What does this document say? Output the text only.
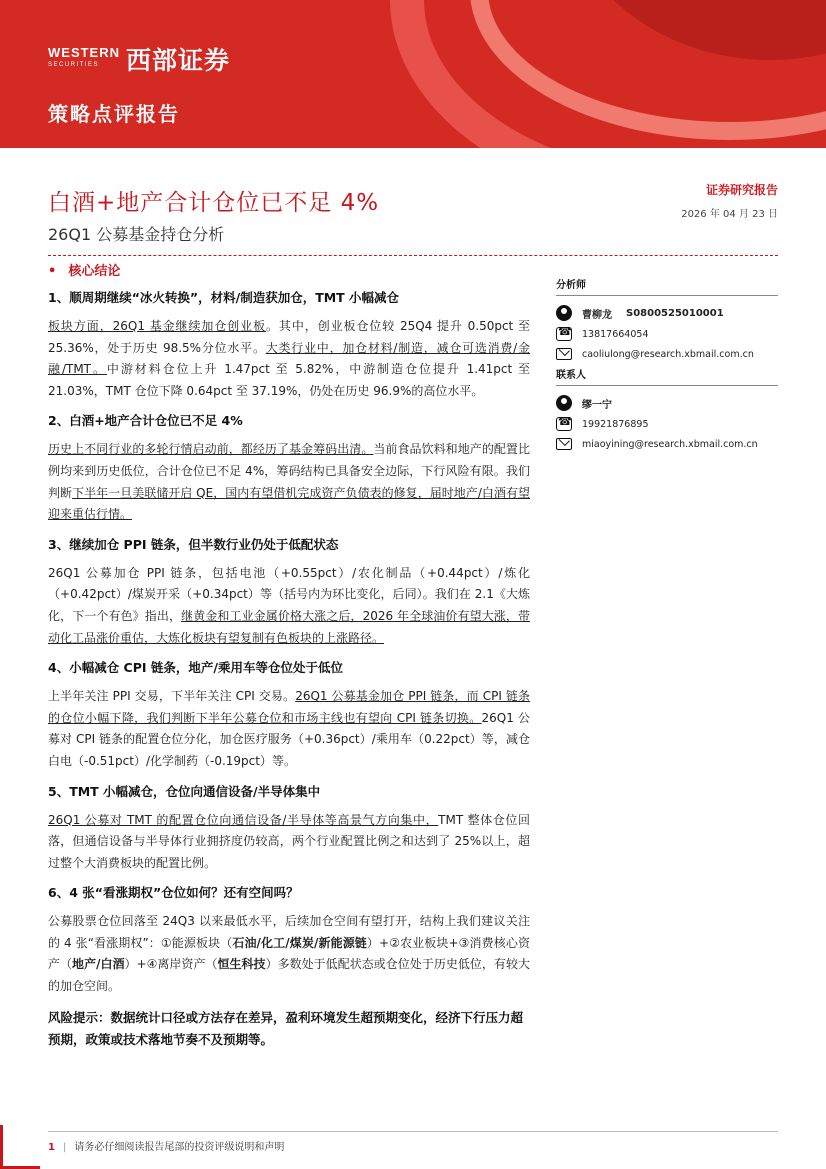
WESTERN
SECURITIES	西部证券
策略点评报告
白酒+地产合计仓位已不足 4%
26Q1 公募基金持仓分析
证券研究报告
2026 年 04 月 23 日
• 核心结论
1、顺周期继续“冰火转换”，材料/制造获加仓，TMT 小幅减仓
板块方面，26Q1 基金继续加仓创业板。其中，创业板仓位较 25Q4 提升 0.50pct 至 25.36%，处于历史 98.5%分位水平。大类行业中，加仓材料/制造，减仓可选消费/金融/TMT。中游材料仓位上升 1.47pct 至 5.82%，中游制造仓位提升 1.41pct 至 21.03%，TMT 仓位下降 0.64pct 至 37.19%，仍处在历史 96.9%的高位水平。
2、白酒+地产合计仓位已不足 4%
历史上不同行业的多轮行情启动前，都经历了基金筹码出清。当前食品饮料和地产的配置比例均来到历史低位，合计仓位已不足 4%，筹码结构已具备安全边际，下行风险有限。我们判断下半年一旦美联储开启 QE，国内有望借机完成资产负债表的修复，届时地产/白酒有望迎来重估行情。
3、继续加仓 PPI 链条，但半数行业仍处于低配状态
26Q1 公募加仓 PPI 链条，包括电池（+0.55pct）/农化制品（+0.44pct）/炼化（+0.42pct）/煤炭开采（+0.34pct）等（括号内为环比变化，后同）。我们在 2.1《大炼化，下一个有色》指出，继黄金和工业金属价格大涨之后，2026 年全球油价有望大涨，带动化工品涨价重估，大炼化板块有望复制有色板块的上涨路径。
4、小幅减仓 CPI 链条，地产/乘用车等仓位处于低位
上半年关注 PPI 交易，下半年关注 CPI 交易。26Q1 公募基金加仓 PPI 链条，而 CPI 链条的仓位小幅下降，我们判断下半年公募仓位和市场主线也有望向 CPI 链条切换。26Q1 公募对 CPI 链条的配置仓位分化，加仓医疗服务（+0.36pct）/乘用车（0.22pct）等，减仓白电（-0.51pct）/化学制药（-0.19pct）等。
5、TMT 小幅减仓，仓位向通信设备/半导体集中
26Q1 公募对 TMT 的配置仓位向通信设备/半导体等高景气方向集中，TMT 整体仓位回落，但通信设备与半导体行业拥挤度仍较高，两个行业配置比例之和达到了 25%以上，超过整个大消费板块的配置比例。
6、4 张“看涨期权”仓位如何？还有空间吗？
公募股票仓位回落至 24Q3 以来最低水平，后续加仓空间有望打开，结构上我们建议关注的 4 张“看涨期权”：①能源板块（石油/化工/煤炭/新能源链）+②农业板块+③消费核心资产（地产/白酒）+④离岸资产（恒生科技）多数处于低配状态或仓位处于历史低位，有较大的加仓空间。
风险提示：数据统计口径或方法存在差异，盈利环境发生超预期变化，经济下行压力超预期，政策或技术落地节奏不及预期等。
分析师
曹柳龙 S0800525010001
☎
13817664054
caoliulong@research.xbmail.com.cn
联系人
缪一宁
☎
19921876895
miaoyining@research.xbmail.com.cn
1 | 请务必仔细阅读报告尾部的投资评级说明和声明
